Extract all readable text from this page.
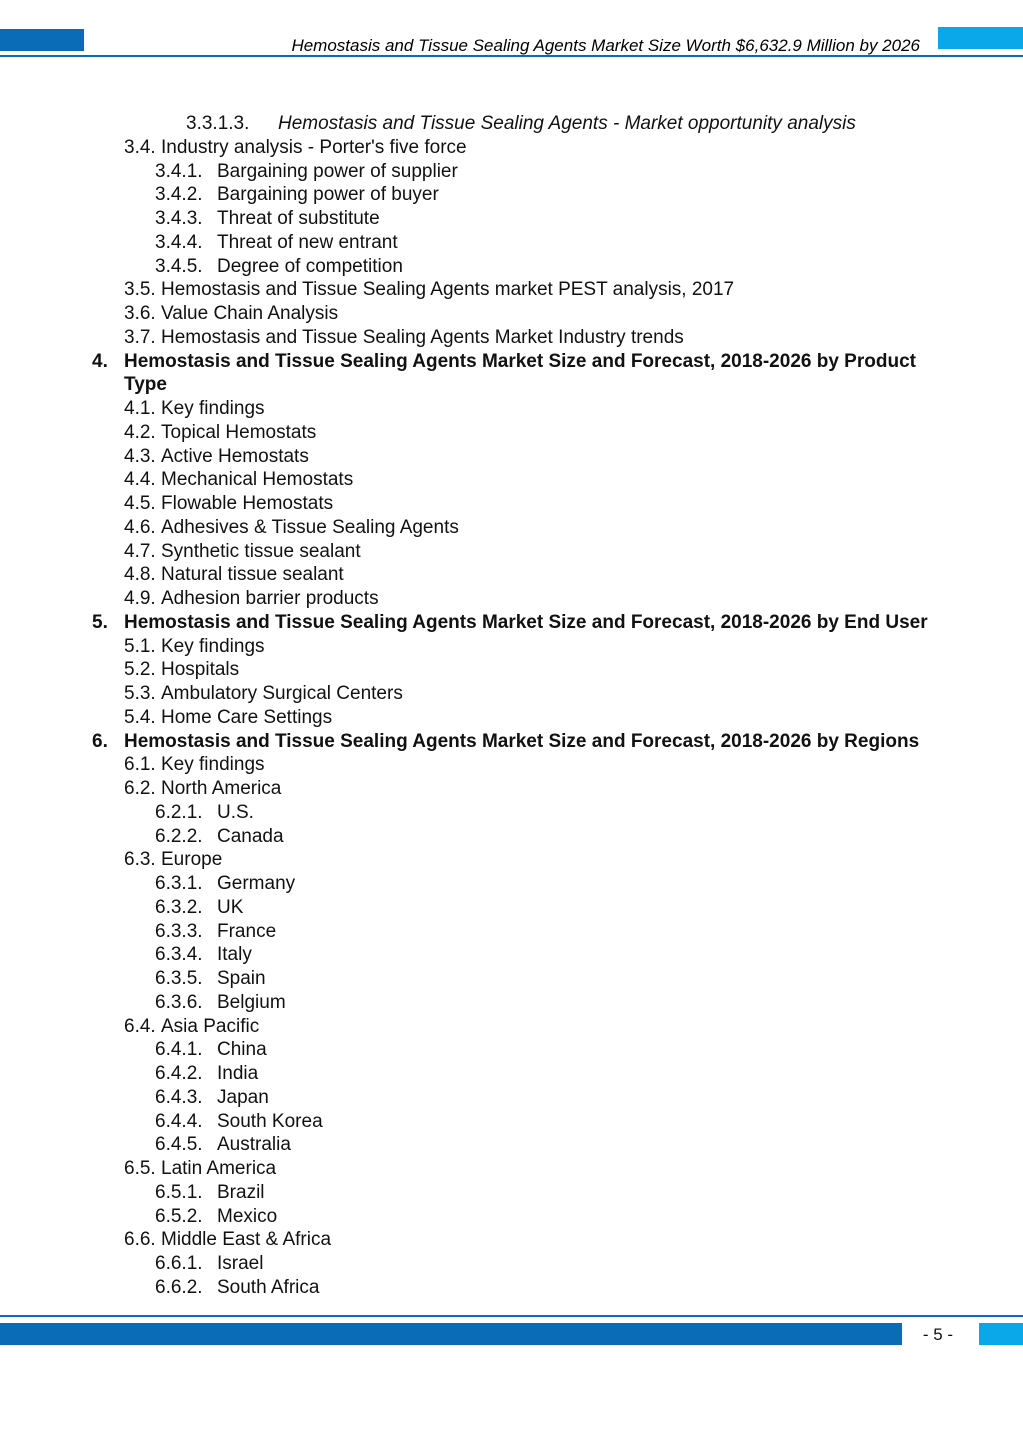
Hemostasis and Tissue Sealing Agents Market Size Worth $6,632.9 Million by 2026
3.3.1.3. Hemostasis and Tissue Sealing Agents - Market opportunity analysis
3.4. Industry analysis - Porter's five force
3.4.1. Bargaining power of supplier
3.4.2. Bargaining power of buyer
3.4.3. Threat of substitute
3.4.4. Threat of new entrant
3.4.5. Degree of competition
3.5. Hemostasis and Tissue Sealing Agents market PEST analysis, 2017
3.6. Value Chain Analysis
3.7. Hemostasis and Tissue Sealing Agents Market Industry trends
4. Hemostasis and Tissue Sealing Agents Market Size and Forecast, 2018-2026 by Product
Type
4.1. Key findings
4.2. Topical Hemostats
4.3. Active Hemostats
4.4. Mechanical Hemostats
4.5. Flowable Hemostats
4.6. Adhesives & Tissue Sealing Agents
4.7. Synthetic tissue sealant
4.8. Natural tissue sealant
4.9. Adhesion barrier products
5. Hemostasis and Tissue Sealing Agents Market Size and Forecast, 2018-2026 by End User
5.1. Key findings
5.2. Hospitals
5.3. Ambulatory Surgical Centers
5.4. Home Care Settings
6. Hemostasis and Tissue Sealing Agents Market Size and Forecast, 2018-2026 by Regions
6.1. Key findings
6.2. North America
6.2.1. U.S.
6.2.2. Canada
6.3. Europe
6.3.1. Germany
6.3.2. UK
6.3.3. France
6.3.4. Italy
6.3.5. Spain
6.3.6. Belgium
6.4. Asia Pacific
6.4.1. China
6.4.2. India
6.4.3. Japan
6.4.4. South Korea
6.4.5. Australia
6.5. Latin America
6.5.1. Brazil
6.5.2. Mexico
6.6. Middle East & Africa
6.6.1. Israel
6.6.2. South Africa
- 5 -
